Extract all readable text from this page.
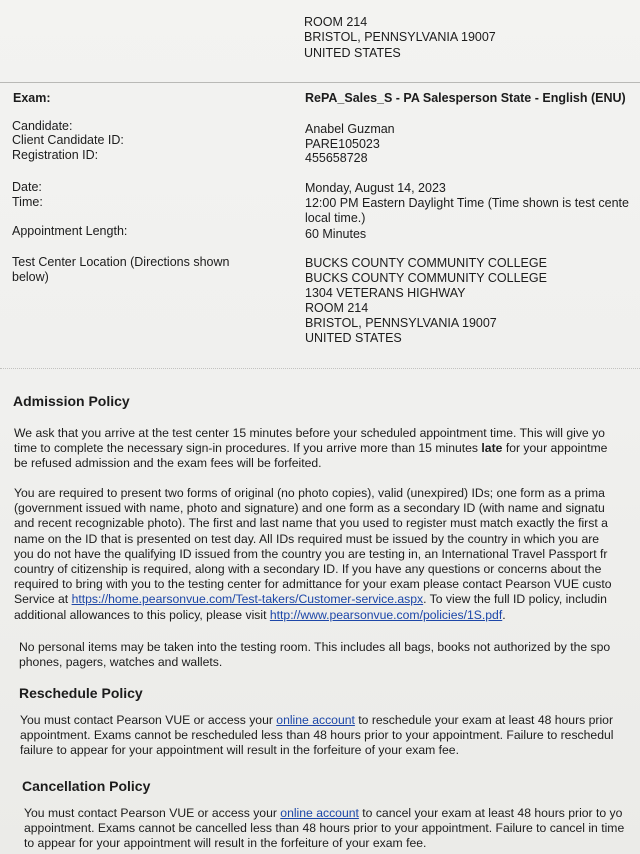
ROOM 214
BRISTOL, PENNSYLVANIA 19007
UNITED STATES
Exam:	RePA_Sales_S - PA Salesperson State - English (ENU)
Candidate:
Client Candidate ID:
Registration ID:
Anabel Guzman
PARE105023
455658728
Date:
Time:
Monday, August 14, 2023
12:00 PM Eastern Daylight Time (Time shown is test cente
local time.)
Appointment Length:	60 Minutes
Test Center Location (Directions shown
below)
BUCKS COUNTY COMMUNITY COLLEGE
BUCKS COUNTY COMMUNITY COLLEGE
1304 VETERANS HIGHWAY
ROOM 214
BRISTOL, PENNSYLVANIA 19007
UNITED STATES
Admission Policy
We ask that you arrive at the test center 15 minutes before your scheduled appointment time. This will give yo
time to complete the necessary sign-in procedures. If you arrive more than 15 minutes late for your appointme
be refused admission and the exam fees will be forfeited.
You are required to present two forms of original (no photo copies), valid (unexpired) IDs; one form as a prima
(government issued with name, photo and signature) and one form as a secondary ID (with name and signatu
and recent recognizable photo). The first and last name that you used to register must match exactly the first a
name on the ID that is presented on test day. All IDs required must be issued by the country in which you are
you do not have the qualifying ID issued from the country you are testing in, an International Travel Passport fr
country of citizenship is required, along with a secondary ID. If you have any questions or concerns about the
required to bring with you to the testing center for admittance for your exam please contact Pearson VUE custo
Service at https://home.pearsonvue.com/Test-takers/Customer-service.aspx. To view the full ID policy, includin
additional allowances to this policy, please visit http://www.pearsonvue.com/policies/1S.pdf.
No personal items may be taken into the testing room. This includes all bags, books not authorized by the spo
phones, pagers, watches and wallets.
Reschedule Policy
You must contact Pearson VUE or access your online account to reschedule your exam at least 48 hours prior
appointment. Exams cannot be rescheduled less than 48 hours prior to your appointment. Failure to reschedul
failure to appear for your appointment will result in the forfeiture of your exam fee.
Cancellation Policy
You must contact Pearson VUE or access your online account to cancel your exam at least 48 hours prior to yo
appointment. Exams cannot be cancelled less than 48 hours prior to your appointment. Failure to cancel in time
to appear for your appointment will result in the forfeiture of your exam fee.
